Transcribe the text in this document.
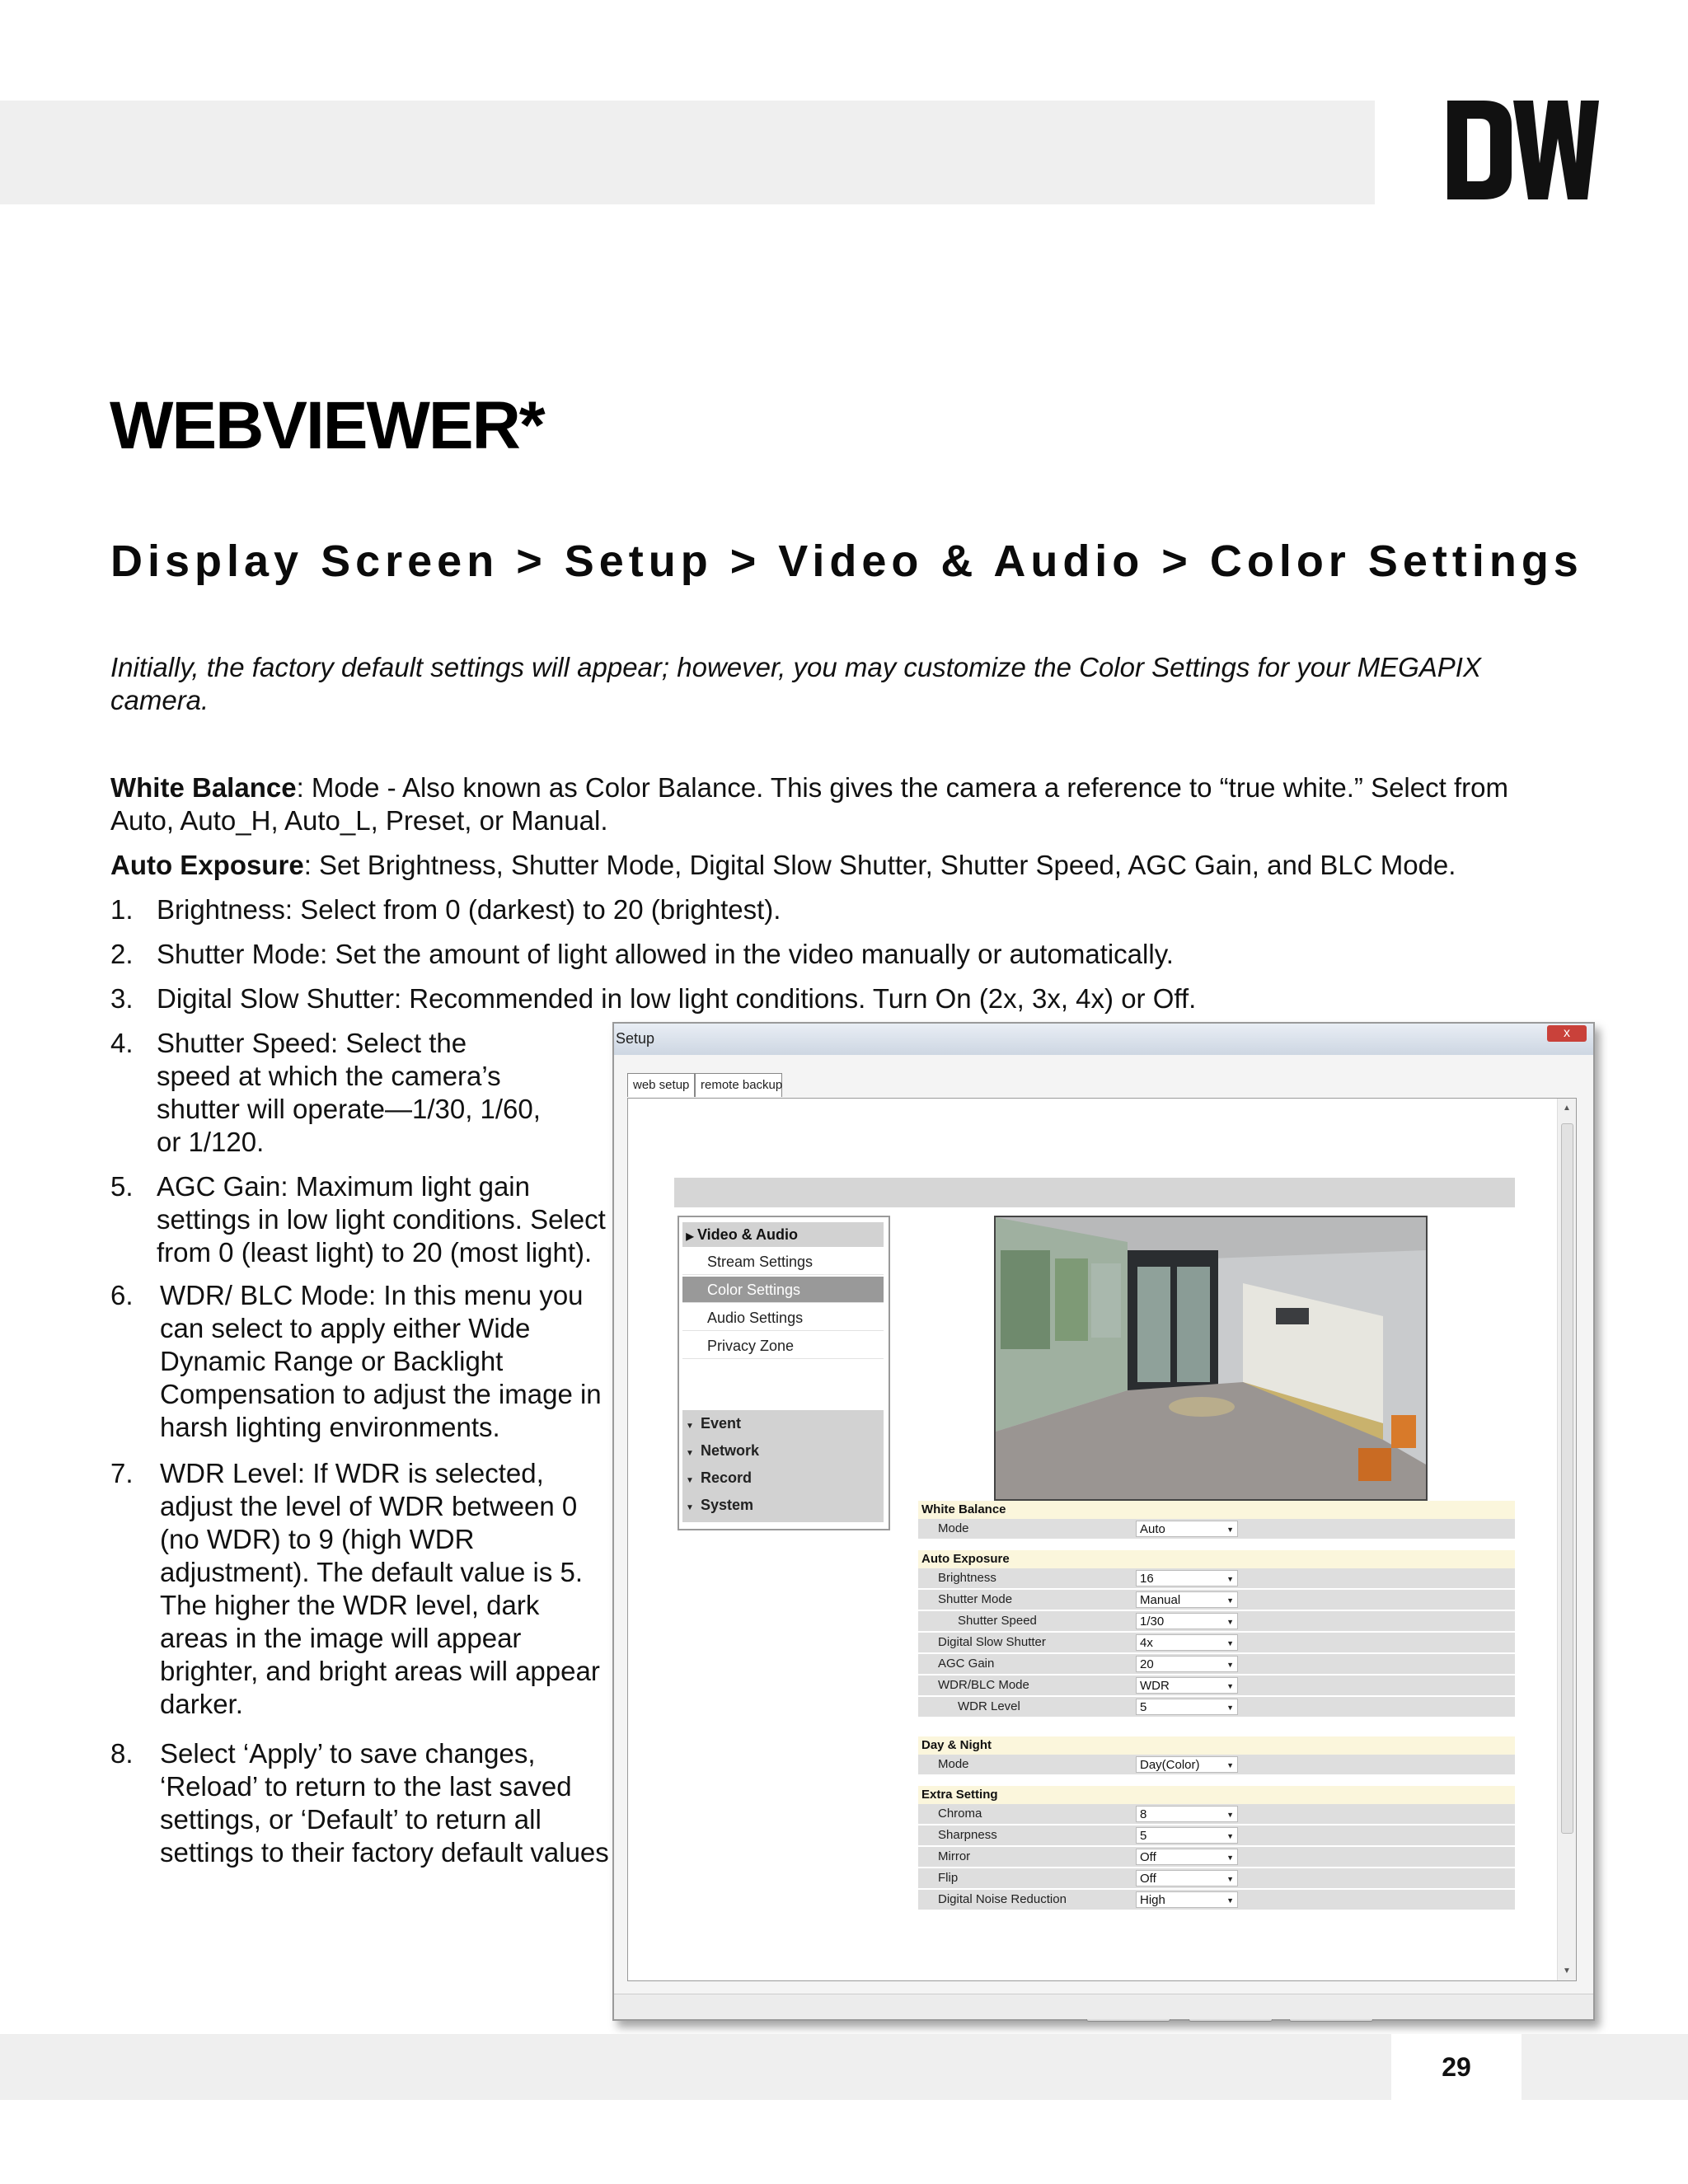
WEBVIEWER*
Display Screen > Setup > Video & Audio > Color Settings
Initially, the factory default settings will appear; however, you may customize the Color Settings for your MEGAPIX camera.
White Balance: Mode - Also known as Color Balance. This gives the camera a reference to “true white.” Select from
Auto, Auto_H, Auto_L, Preset, or Manual.
Auto Exposure: Set Brightness, Shutter Mode, Digital Slow Shutter, Shutter Speed, AGC Gain, and BLC Mode.
1. Brightness: Select from 0 (darkest) to 20 (brightest).
2. Shutter Mode: Set the amount of light allowed in the video manually or automatically.
3. Digital Slow Shutter: Recommended in low light conditions. Turn On (2x, 3x, 4x) or Off.
4. Shutter Speed: Select the
speed at which the camera’s
shutter will operate—1/30, 1/60,
or 1/120.
5. AGC Gain: Maximum light gain
settings in low light conditions. Select
from 0 (least light) to 20 (most light).
6. WDR/ BLC Mode: In this menu you
can select to apply either Wide
Dynamic Range or Backlight
Compensation to adjust the image in
harsh lighting environments.
7. WDR Level: If WDR is selected,
adjust the level of WDR between 0
(no WDR) to 9 (high WDR
adjustment). The default value is 5.
The higher the WDR level, dark
areas in the image will appear
brighter, and bright areas will appear
darker.
8. Select ‘Apply’ to save changes,
‘Reload’ to return to the last saved
settings, or ‘Default’ to return all
settings to their factory default values
Setup	x
web setup remote backup
▲
▼
▶ Video & Audio
Stream Settings
Color Settings
Audio Settings
Privacy Zone
▼ Event
▼ Network
▼ Record
▼ System	White Balance
Mode	Auto	▼
Auto Exposure
Brightness	16	▼
Shutter Mode	Manual	▼
Shutter Speed	1/30	▼
Digital Slow Shutter	4x	▼
AGC Gain	20	▼
WDR/BLC Mode	WDR	▼
WDR Level	5	▼
Day & Night
Mode	Day(Color)	▼
Extra Setting
Chroma	8	▼
Sharpness	5	▼
Mirror	Off	▼
Flip	Off	▼
Digital Noise Reduction	High	▼
29
